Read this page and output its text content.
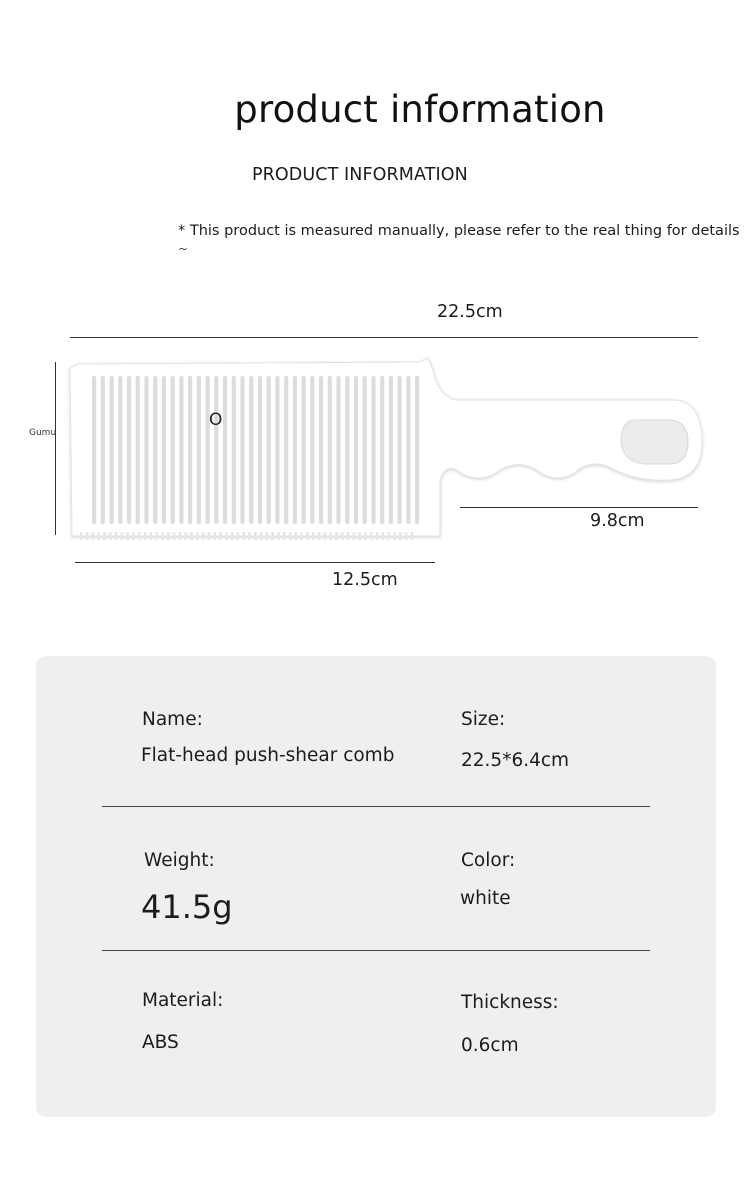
product information
PRODUCT INFORMATION
* This product is measured manually, please refer to the real thing for details
~
22.5cm
O
Gumu
9.8cm
12.5cm
Name:
Flat-head push-shear comb
Size:
22.5*6.4cm
Weight:
41.5g
Color:
white
Material:
ABS
Thickness:
0.6cm
